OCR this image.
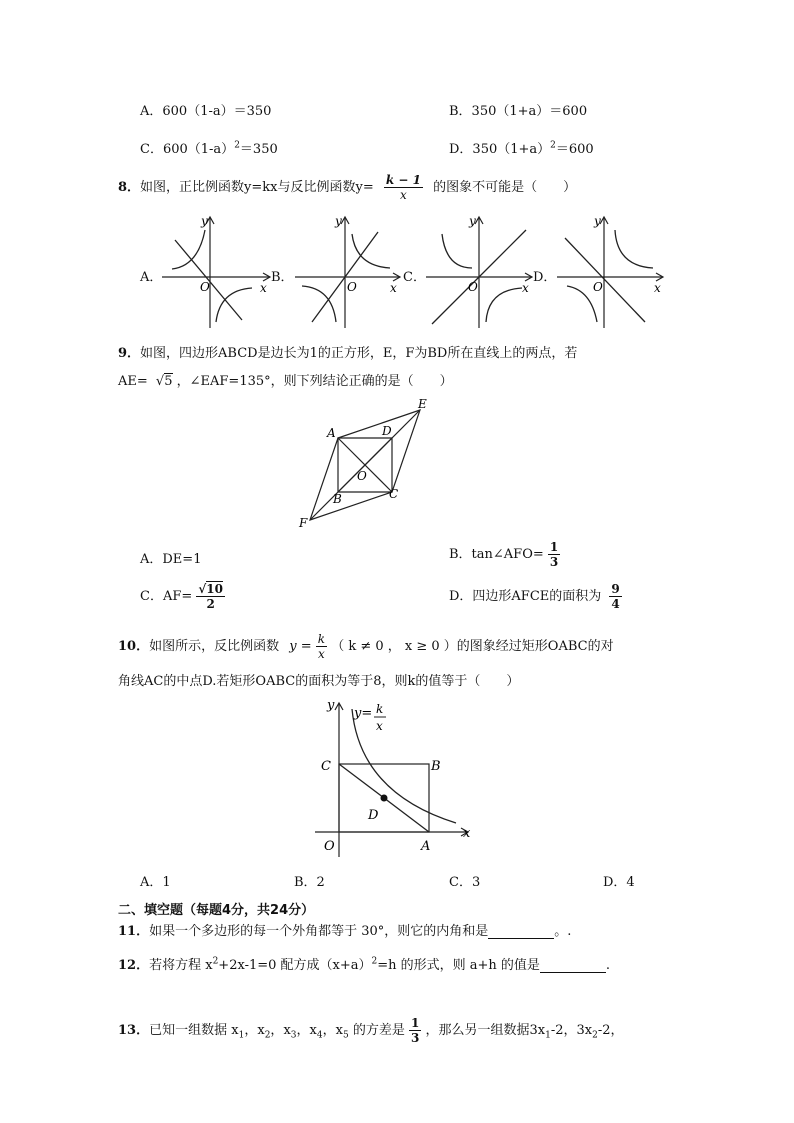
A．600（1-a）＝350	B．350（1+a）＝600
C．$600(1-a)^2=350$	D．$350(1+a)^2=600$
8．如图，正比例函数y=kx与反比例函数$y= \frac{k - 1}{x}$ 的图象不可能是（　　）
A．	B．	C．	D．
y
x
O
y
x
O
y
x
O
y
x
O
9．如图，四边形ABCD是边长为1的正方形，E，F为BD所在直线上的两点，若
AE= √5 ，∠EAF=135°，则下列结论正确的是（　　）
A	D
E
O
B	C
F
A．DE=1	B．tan∠AFO= $\frac{1}{3}$
C．$AF= \frac{√10}{2}$	D．四边形AFCE的面积为 $\frac{9}{4}$
10．如图所示，反比例函数 $y = \frac{k}{x}$ （ k ≠ 0 ， x ≥ 0 ）的图象经过矩形OABC的对
角线AC的中点D.若矩形OABC的面积为等于8，则k的值等于（　　）
y
y= k
x
C	B
D
O	A
x
A．1	B．2	C．3	D．4
二、填空题（每题4分，共24分）
11．如果一个多边形的每一个外角都等于 30°，则它的内角和是	。.
12．若将方程 $x^2+2x-1=0$ 配方成$(x+a)^2=h$ 的形式，则 a+h 的值是	.
13．已知一组数据 $x_1$，$x_2$，$x_3$，$x_4$，$x_5$ 的方差是 $\frac{1}{3}$ ，那么另一组数据$3x_1-2$，$3x_2-2$，
